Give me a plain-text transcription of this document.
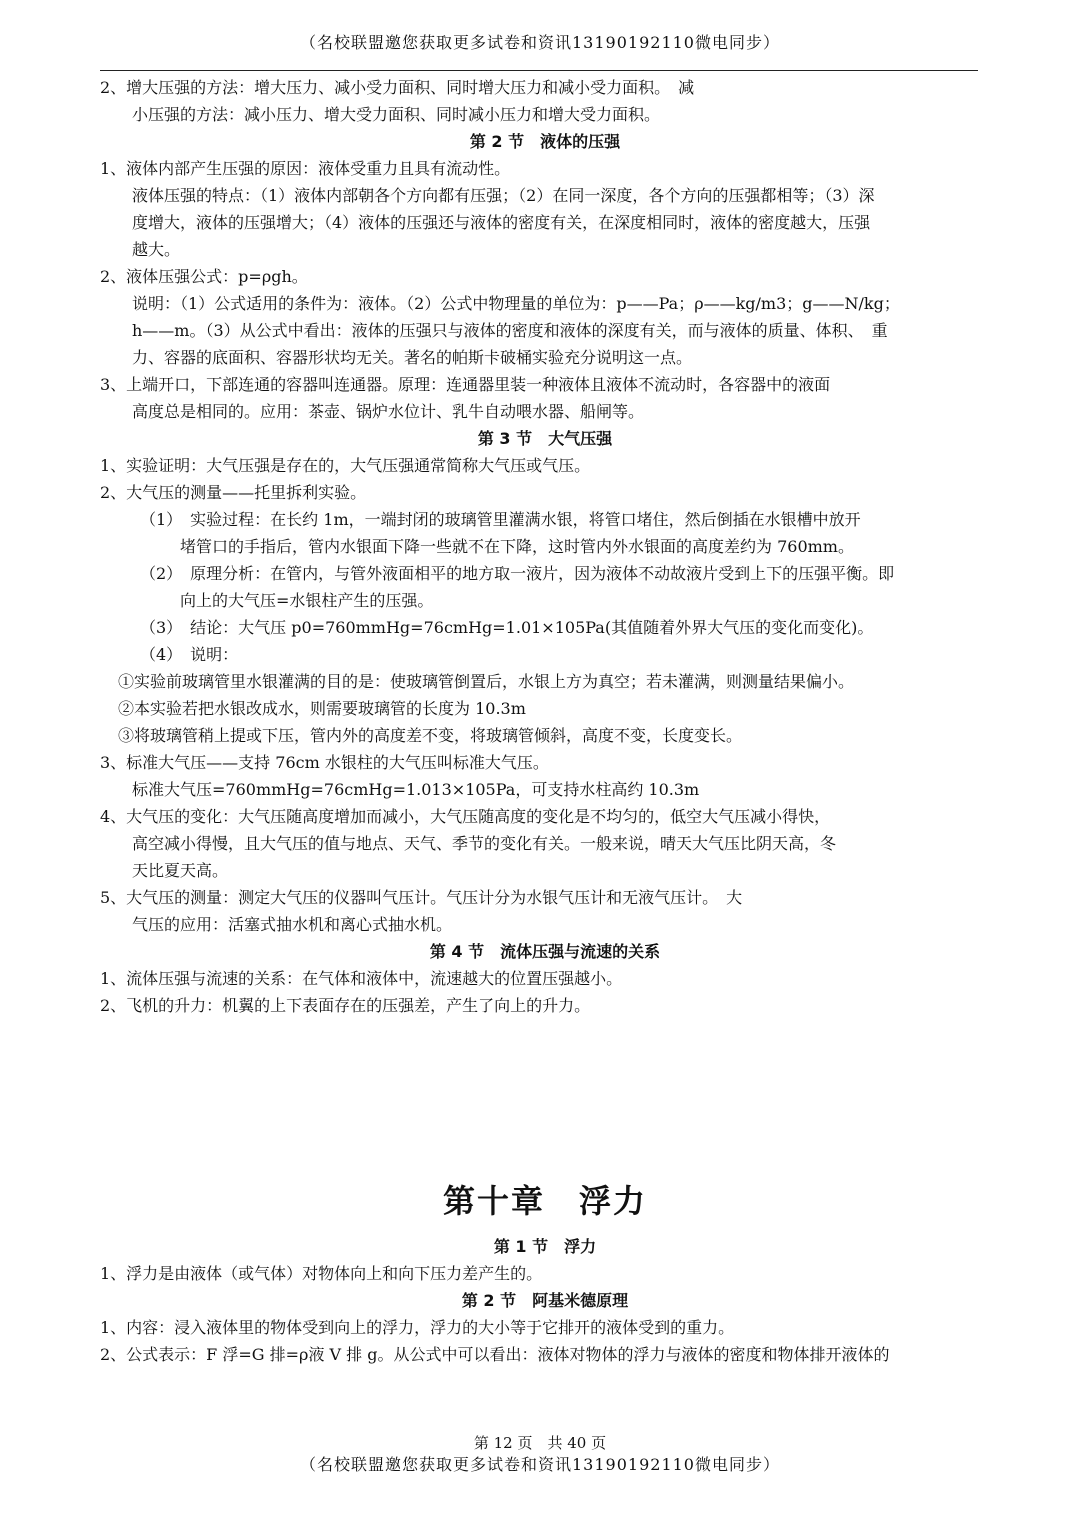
（名校联盟邀您获取更多试卷和资讯13190192110微电同步）
2、增大压强的方法：增大压力、减小受力面积、同时增大压力和减小受力面积。　减
小压强的方法：减小压力、增大受力面积、同时减小压力和增大受力面积。
第 2 节　液体的压强
1、液体内部产生压强的原因：液体受重力且具有流动性。
液体压强的特点：（1）液体内部朝各个方向都有压强；（2）在同一深度，各个方向的压强都相等；（3）深
度增大，液体的压强增大；（4）液体的压强还与液体的密度有关，在深度相同时，液体的密度越大，压强
越大。
2、液体压强公式：p=ρgh。
说明：（1）公式适用的条件为：液体。（2）公式中物理量的单位为：p——Pa；ρ——kg/m3；g——N/kg；
h——m。（3）从公式中看出：液体的压强只与液体的密度和液体的深度有关，而与液体的质量、体积、　重
力、容器的底面积、容器形状均无关。著名的帕斯卡破桶实验充分说明这一点。
3、上端开口，下部连通的容器叫连通器。原理：连通器里装一种液体且液体不流动时，各容器中的液面
高度总是相同的。应用：茶壶、锅炉水位计、乳牛自动喂水器、船闸等。
第 3 节　大气压强
1、实验证明：大气压强是存在的，大气压强通常简称大气压或气压。
2、大气压的测量——托里拆利实验。
（1）　实验过程：在长约 1m，一端封闭的玻璃管里灌满水银，将管口堵住，然后倒插在水银槽中放开
堵管口的手指后，管内水银面下降一些就不在下降，这时管内外水银面的高度差约为 760mm。
（2）　原理分析：在管内，与管外液面相平的地方取一液片，因为液体不动故液片受到上下的压强平衡。即
向上的大气压=水银柱产生的压强。
（3）　结论：大气压 p0=760mmHg=76cmHg=1.01×105Pa(其值随着外界大气压的变化而变化)。
（4）　说明：
①实验前玻璃管里水银灌满的目的是：使玻璃管倒置后，水银上方为真空；若未灌满，则测量结果偏小。
②本实验若把水银改成水，则需要玻璃管的长度为 10.3m
③将玻璃管稍上提或下压，管内外的高度差不变，将玻璃管倾斜，高度不变，长度变长。
3、标准大气压——支持 76cm 水银柱的大气压叫标准大气压。
标准大气压=760mmHg=76cmHg=1.013×105Pa，可支持水柱高约 10.3m
4、大气压的变化：大气压随高度增加而减小，大气压随高度的变化是不均匀的，低空大气压减小得快，
高空减小得慢，且大气压的值与地点、天气、季节的变化有关。一般来说，晴天大气压比阴天高，冬
天比夏天高。
5、大气压的测量：测定大气压的仪器叫气压计。气压计分为水银气压计和无液气压计。　大
气压的应用：活塞式抽水机和离心式抽水机。
第 4 节　流体压强与流速的关系
1、流体压强与流速的关系：在气体和液体中，流速越大的位置压强越小。
2、飞机的升力：机翼的上下表面存在的压强差，产生了向上的升力。
第十章　浮力
第 1 节　浮力
1、浮力是由液体（或气体）对物体向上和向下压力差产生的。
第 2 节　阿基米德原理
1、内容：浸入液体里的物体受到向上的浮力，浮力的大小等于它排开的液体受到的重力。
2、公式表示：F 浮=G 排=ρ液 V 排 g。从公式中可以看出：液体对物体的浮力与液体的密度和物体排开液体的
第 12 页　共 40 页
（名校联盟邀您获取更多试卷和资讯13190192110微电同步）
